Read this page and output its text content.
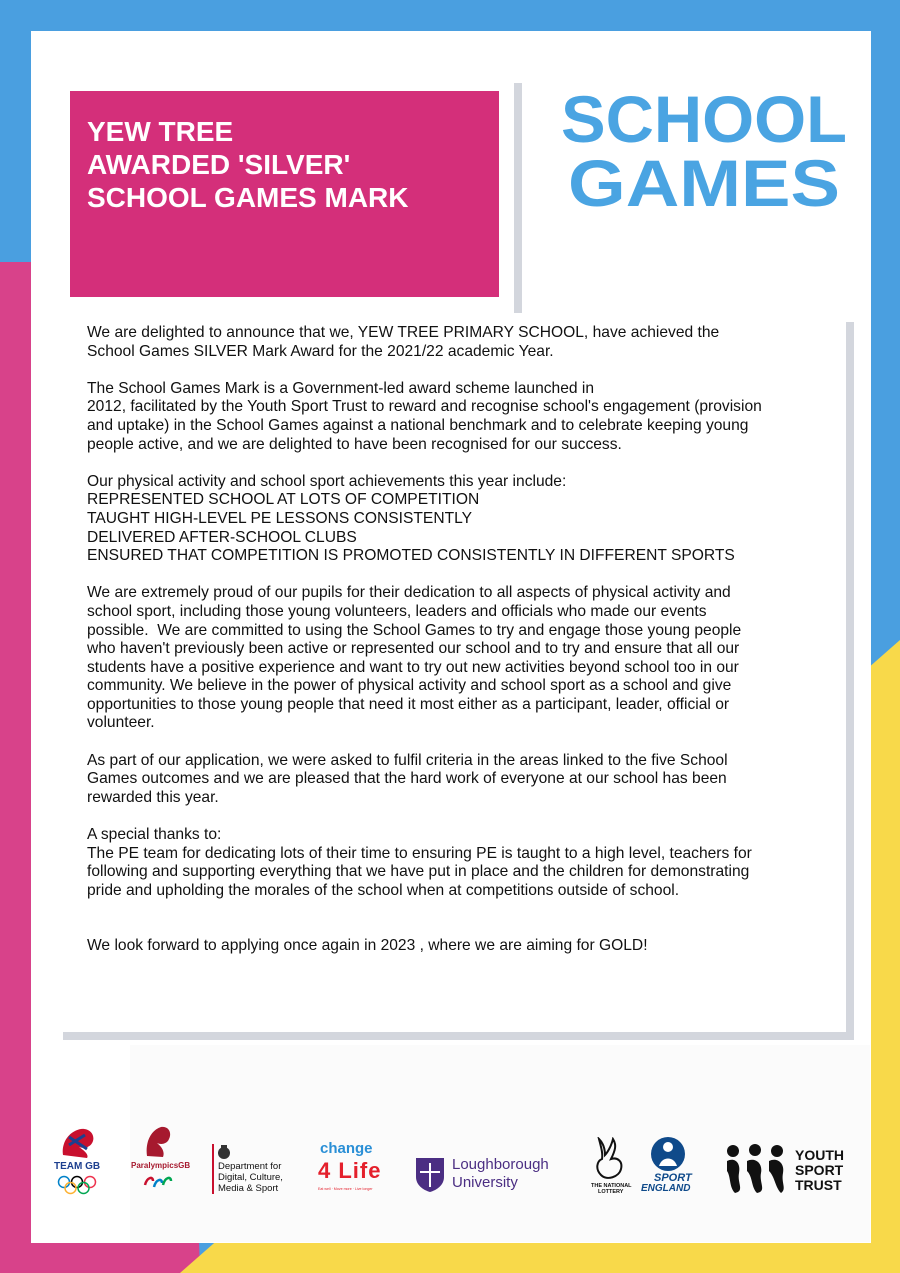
YEW TREE
AWARDED 'SILVER'
SCHOOL GAMES MARK
SCHOOL
GAMES

We are delighted to announce that we, YEW TREE PRIMARY SCHOOL, have achieved the
School Games SILVER Mark Award for the 2021/22 academic Year.

The School Games Mark is a Government-led award scheme launched in
2012, facilitated by the Youth Sport Trust to reward and recognise school's engagement (provision
and uptake) in the School Games against a national benchmark and to celebrate keeping young
people active, and we are delighted to have been recognised for our success.

Our physical activity and school sport achievements this year include:
REPRESENTED SCHOOL AT LOTS OF COMPETITION
TAUGHT HIGH-LEVEL PE LESSONS CONSISTENTLY
DELIVERED AFTER-SCHOOL CLUBS
ENSURED THAT COMPETITION IS PROMOTED CONSISTENTLY IN DIFFERENT SPORTS

We are extremely proud of our pupils for their dedication to all aspects of physical activity and
school sport, including those young volunteers, leaders and officials who made our events
possible.  We are committed to using the School Games to try and engage those young people
who haven't previously been active or represented our school and to try and ensure that all our
students have a positive experience and want to try out new activities beyond school too in our
community. We believe in the power of physical activity and school sport as a school and give
opportunities to those young people that need it most either as a participant, leader, official or
volunteer.

As part of our application, we were asked to fulfil criteria in the areas linked to the five School
Games outcomes and we are pleased that the hard work of everyone at our school has been
rewarded this year.

A special thanks to:
The PE team for dedicating lots of their time to ensuring PE is taught to a high level, teachers for
following and supporting everything that we have put in place and the children for demonstrating
pride and upholding the morales of the school when at competitions outside of school.

We look forward to applying once again in 2023 , where we are aiming for GOLD!

TEAM GB	ParalympicsGB	Department for
Digital, Culture,
Media & Sport
change
4 Life
Eat well · Move more · Live longer
Loughborough
University	THE NATIONAL
LOTTERY
SPORT
ENGLAND
YOUTH
SPORT
TRUST
